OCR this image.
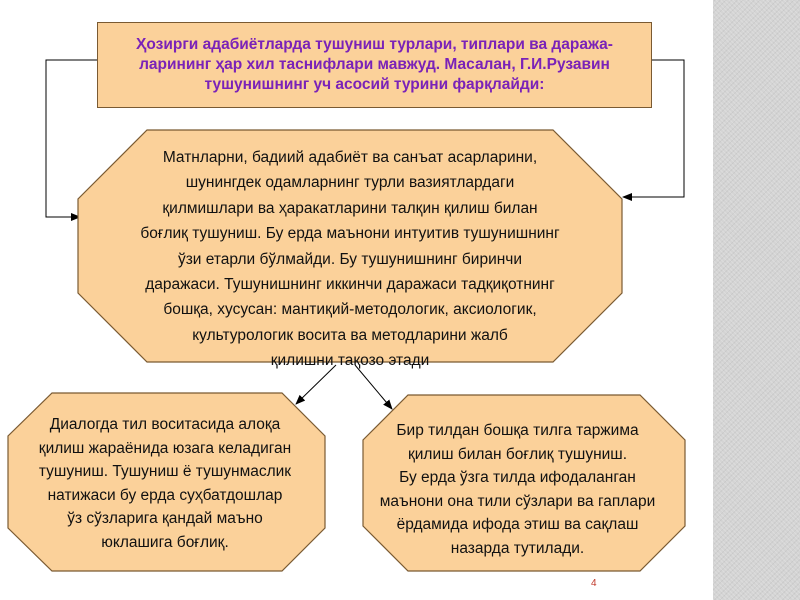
Ҳозирги адабиётларда тушуниш турлари, типлари ва даража-
ларининг ҳар хил таснифлари мавжуд. Масалан, Г.И.Рузавин
тушунишнинг уч асосий турини фарқлайди:
Матнларни, бадиий адабиёт ва санъат асарларини,
шунингдек одамларнинг турли вазиятлардаги
қилмишлари ва ҳаракатларини талқин қилиш билан
боғлиқ тушуниш. Бу ерда маънони интуитив тушунишнинг
ўзи етарли бўлмайди. Бу тушунишнинг биринчи
даражаси. Тушунишнинг иккинчи даражаси тадқиқотнинг
бошқа, хусусан: мантиқий-методологик, аксиологик,
культурологик восита ва методларини жалб
қилишни тақозо этади
Диалогда тил воситасида алоқа
қилиш жараёнида юзага келадиган
тушуниш. Тушуниш ё тушунмаслик
натижаси бу ерда суҳбатдошлар
ўз сўзларига қандай маъно
юклашига боғлиқ.
Бир тилдан бошқа тилга таржима
қилиш билан боғлиқ тушуниш.
Бу ерда ўзга тилда ифодаланган
маънони она тили сўзлари ва гаплари
ёрдамида ифода этиш ва сақлаш
назарда тутилади.
4
